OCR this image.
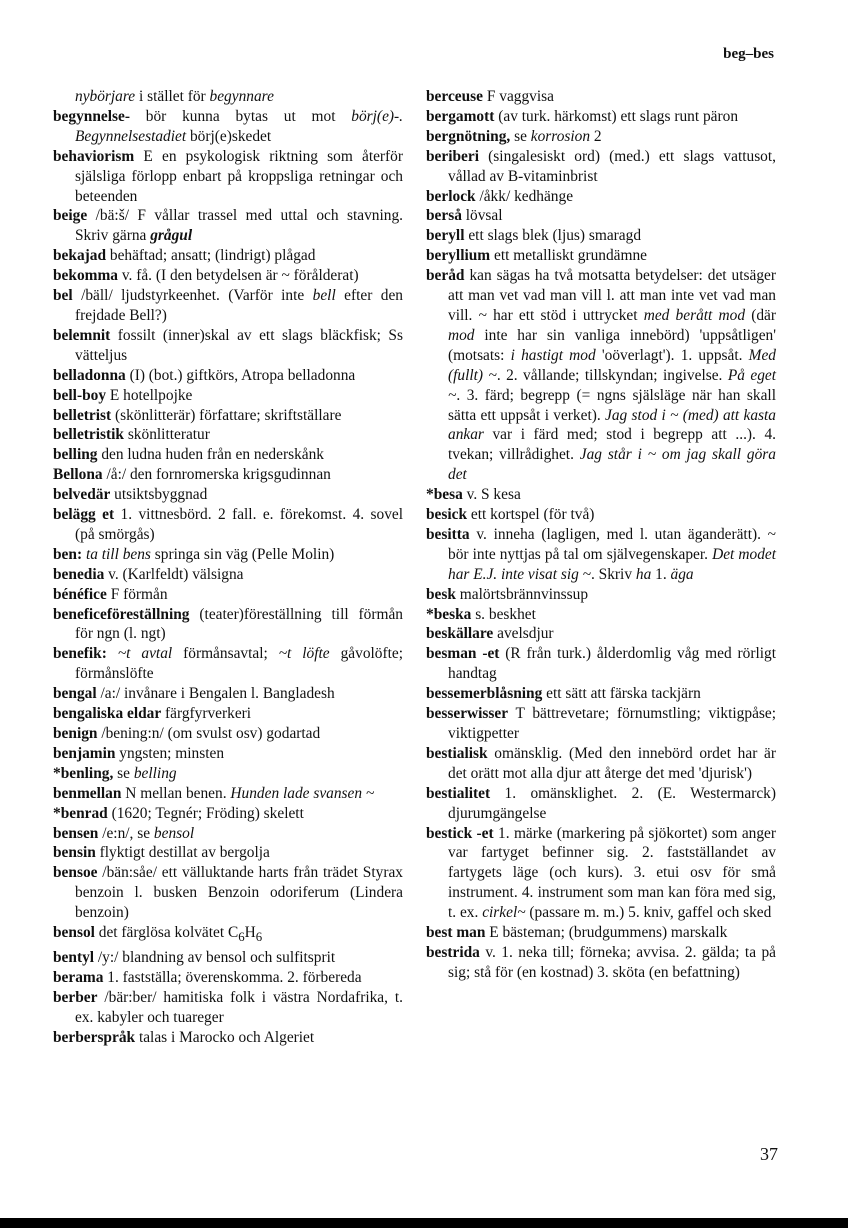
beg–bes

nybörjare i stället för begynnare

begynnelse- bör kunna bytas ut mot börj(e)-. Begynnelsestadiet börj(e)skedet

behaviorism E en psykologisk riktning som återför själsliga förlopp enbart på kroppsliga retningar och beteenden

beige /bä:š/ F vållar trassel med uttal och stavning. Skriv gärna grågul

bekajad behäftad; ansatt; (lindrigt) plågad

bekomma v. få. (I den betydelsen är ~ förålderat)

bel /bäll/ ljudstyrkeenhet. (Varför inte bell efter den frejdade Bell?)

belemnit fossilt (inner)skal av ett slags bläckfisk; Ss vätteljus

belladonna (I) (bot.) giftkörs, Atropa belladonna

bell-boy E hotellpojke

belletrist (skönlitterär) författare; skriftställare

belletristik skönlitteratur

belling den ludna huden från en nederskånk

Bellona /å:/ den fornromerska krigsgudinnan

belvedär utsiktsbyggnad

belägg et 1. vittnesbörd. 2 fall. e. förekomst. 4. sovel (på smörgås)

ben: ta till bens springa sin väg (Pelle Molin)

benedia v. (Karlfeldt) välsigna

bénéfice F förmån

beneficeföreställning (teater)föreställning till förmån för ngn (l. ngt)

benefik: ~t avtal förmånsavtal; ~t löfte gåvolöfte; förmånslöfte

bengal /a:/ invånare i Bengalen l. Bangladesh

bengaliska eldar färgfyrverkeri

benign /bening:n/ (om svulst osv) godartad

benjamin yngsten; minsten

*benling, se belling

benmellan N mellan benen. Hunden lade svansen ~

*benrad (1620; Tegnér; Fröding) skelett

bensen /e:n/, se bensol

bensin flyktigt destillat av bergolja

bensoe /bän:såe/ ett välluktande harts från trädet Styrax benzoin l. busken Benzoin odoriferum (Lindera benzoin)

bensol det färglösa kolvätet $C_6H_6$

bentyl /y:/ blandning av bensol och sulfitsprit

berama 1. fastställa; överenskomma. 2. förbereda

berber /bär:ber/ hamitiska folk i västra Nordafrika, t. ex. kabyler och tuareger

berberspråk talas i Marocko och Algeriet

berceuse F vaggvisa

bergamott (av turk. härkomst) ett slags runt päron

bergnötning, se korrosion 2

beriberi (singalesiskt ord) (med.) ett slags vattusot, vållad av B-vitaminbrist

berlock /åkk/ kedhänge

berså lövsal

beryll ett slags blek (ljus) smaragd

beryllium ett metalliskt grundämne

beråd kan sägas ha två motsatta betydelser: det utsäger att man vet vad man vill l. att man inte vet vad man vill. ~ har ett stöd i uttrycket med berått mod (där mod inte har sin vanliga innebörd) 'uppsåtligen' (motsats: i hastigt mod 'oöverlagt'). 1. uppsåt. Med (fullt) ~. 2. vållande; tillskyndan; ingivelse. På eget ~. 3. färd; begrepp (= ngns själsläge när han skall sätta ett uppsåt i verket). Jag stod i ~ (med) att kasta ankar var i färd med; stod i begrepp att ...). 4. tvekan; villrådighet. Jag står i ~ om jag skall göra det

*besa v. S kesa

besick ett kortspel (för två)

besitta v. inneha (lagligen, med l. utan äganderätt). ~ bör inte nyttjas på tal om självegenskaper. Det modet har E.J. inte visat sig ~. Skriv ha 1. äga

besk malörtsbrännvinssup

*beska s. beskhet

beskällare avelsdjur

besman -et (R från turk.) ålderdomlig våg med rörligt handtag

bessemerblåsning ett sätt att färska tackjärn

besserwisser T bättrevetare; förnumstling; viktigpåse; viktigpetter

bestialisk omänsklig. (Med den innebörd ordet har är det orätt mot alla djur att återge det med 'djurisk')

bestialitet 1. omänsklighet. 2. (E. Westermarck) djurumgängelse

bestick -et 1. märke (markering på sjökortet) som anger var fartyget befinner sig. 2. fastställandet av fartygets läge (och kurs). 3. etui osv för små instrument. 4. instrument som man kan föra med sig, t. ex. cirkel~ (passare m. m.) 5. kniv, gaffel och sked

best man E bästeman; (brudgummens) marskalk

bestrida v. 1. neka till; förneka; avvisa. 2. gälda; ta på sig; stå för (en kostnad) 3. sköta (en befattning)

37
